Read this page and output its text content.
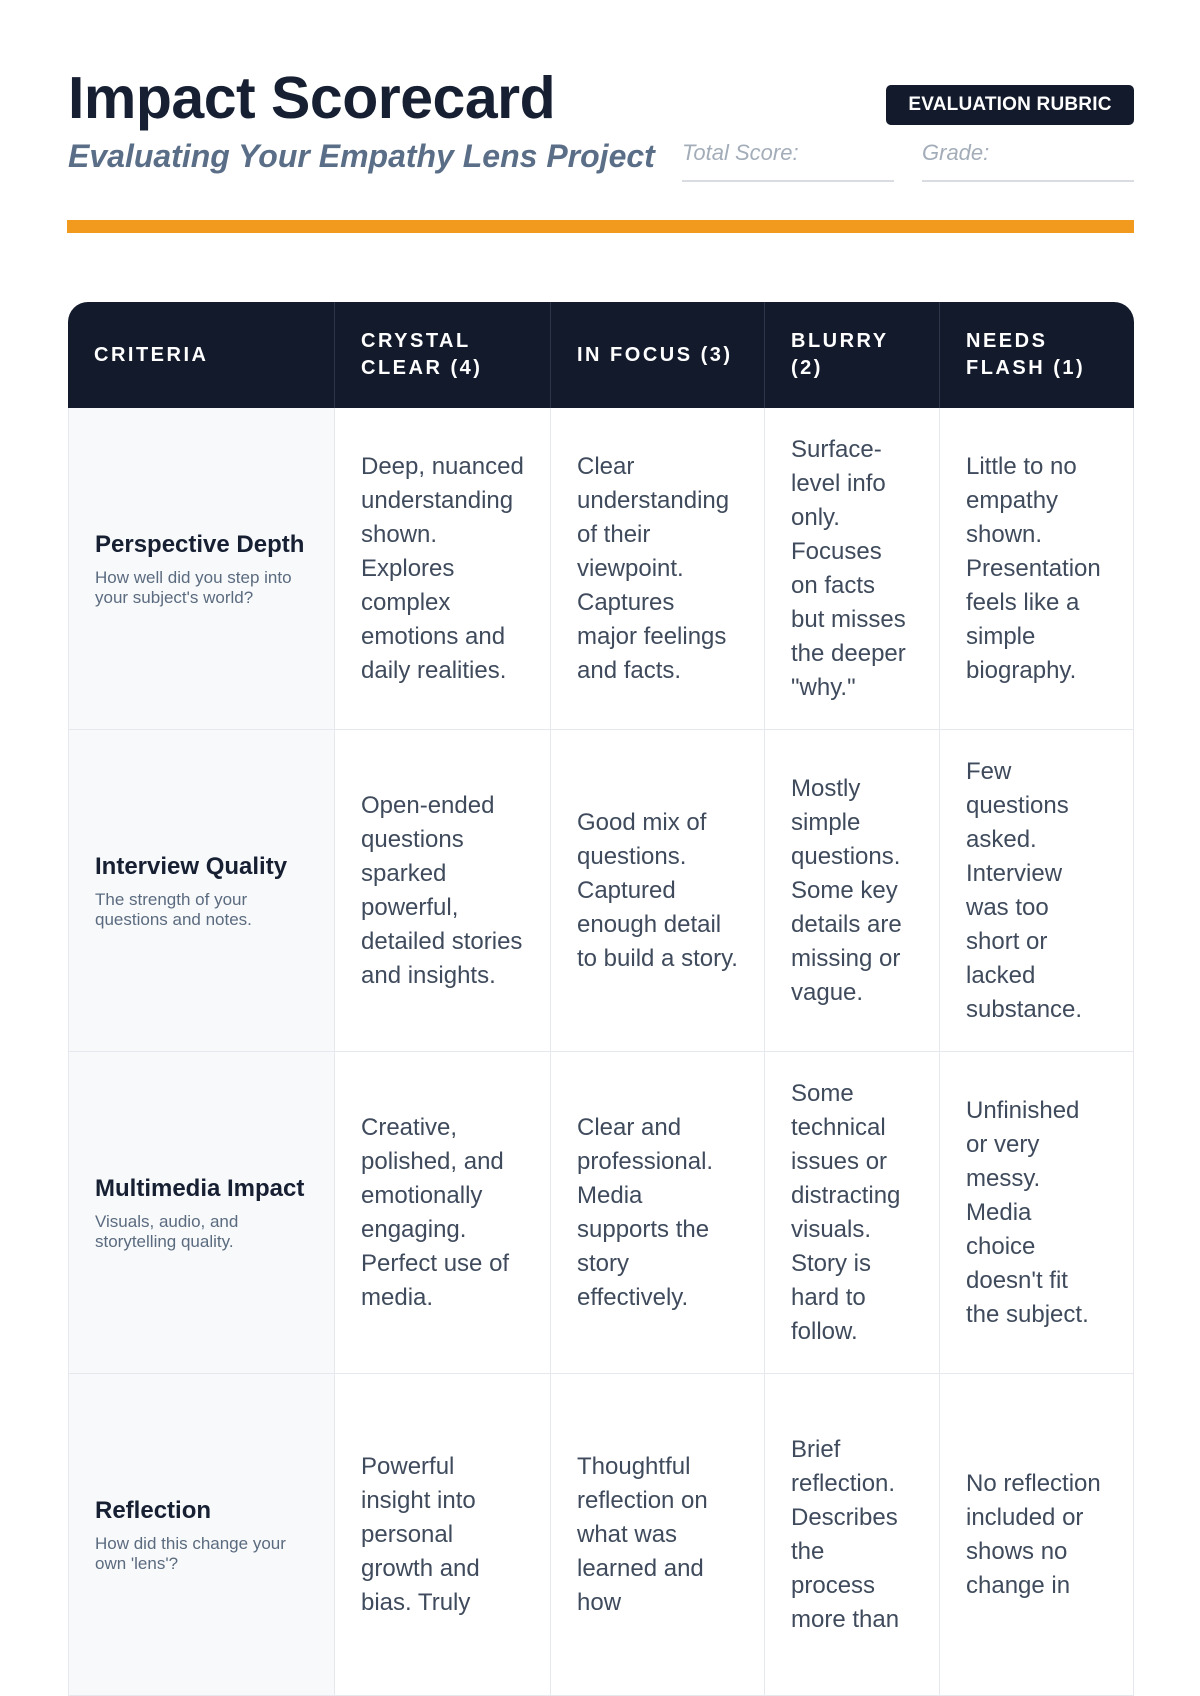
Impact Scorecard
Evaluating Your Empathy Lens Project
EVALUATION RUBRIC
Total Score:	Grade:
CRITERIA	CRYSTAL CLEAR (4)	IN FOCUS (3)	BLURRY (2)	NEEDS FLASH (1)

Perspective Depth
How well did you step into your subject's world?	Deep, nuanced understanding shown. Explores complex emotions and daily realities.	Clear understanding of their viewpoint. Captures major feelings and facts.	Surface-level info only. Focuses on facts but misses the deeper "why."	Little to no empathy shown. Presentation feels like a simple biography.

Interview Quality
The strength of your questions and notes.	Open-ended questions sparked powerful, detailed stories and insights.	Good mix of questions. Captured enough detail to build a story.	Mostly simple questions. Some key details are missing or vague.	Few questions asked. Interview was too short or lacked substance.

Multimedia Impact
Visuals, audio, and storytelling quality.	Creative, polished, and emotionally engaging. Perfect use of media.	Clear and professional. Media supports the story effectively.	Some technical issues or distracting visuals. Story is hard to follow.	Unfinished or very messy. Media choice doesn't fit the subject.

Reflection
How did this change your own 'lens'?	Powerful insight into personal growth and bias. Truly	Thoughtful reflection on what was learned and how	Brief reflection. Describes the process more than	No reflection included or shows no change in
